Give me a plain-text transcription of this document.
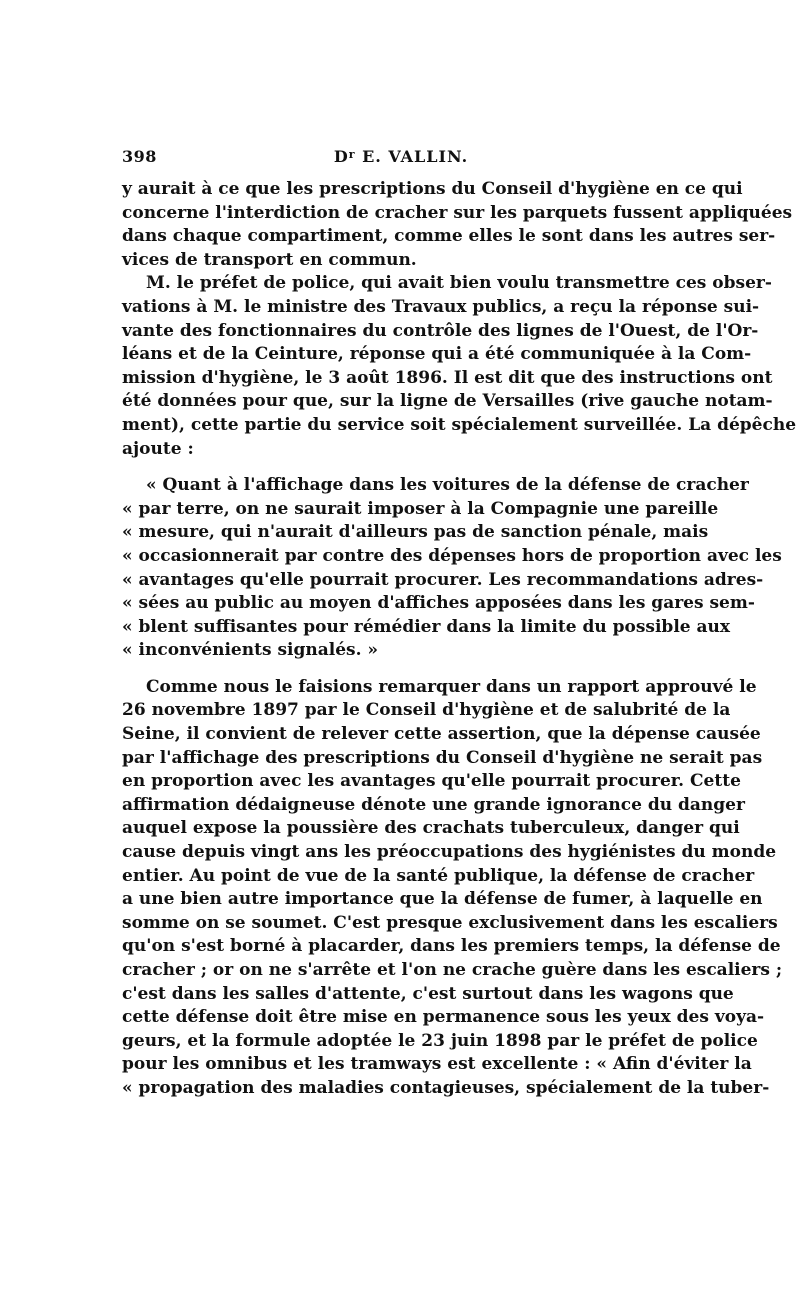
398	$D^r$ E. VALLIN.
y aurait à ce que les prescriptions du Conseil d'hygiène en ce qui
concerne l'interdiction de cracher sur les parquets fussent appliquées
dans chaque compartiment, comme elles le sont dans les autres ser-
vices de transport en commun.
M. le préfet de police, qui avait bien voulu transmettre ces obser-
vations à M. le ministre des Travaux publics, a reçu la réponse sui-
vante des fonctionnaires du contrôle des lignes de l'Ouest, de l'Or-
léans et de la Ceinture, réponse qui a été communiquée à la Com-
mission d'hygiène, le 3 août 1896. Il est dit que des instructions ont
été données pour que, sur la ligne de Versailles (rive gauche notam-
ment), cette partie du service soit spécialement surveillée. La dépêche
ajoute :
« Quant à l'affichage dans les voitures de la défense de cracher
« par terre, on ne saurait imposer à la Compagnie une pareille
« mesure, qui n'aurait d'ailleurs pas de sanction pénale, mais
« occasionnerait par contre des dépenses hors de proportion avec les
« avantages qu'elle pourrait procurer. Les recommandations adres-
« sées au public au moyen d'affiches apposées dans les gares sem-
« blent suffisantes pour rémédier dans la limite du possible aux
« inconvénients signalés. »
Comme nous le faisions remarquer dans un rapport approuvé le
26 novembre 1897 par le Conseil d'hygiène et de salubrité de la
Seine, il convient de relever cette assertion, que la dépense causée
par l'affichage des prescriptions du Conseil d'hygiène ne serait pas
en proportion avec les avantages qu'elle pourrait procurer. Cette
affirmation dédaigneuse dénote une grande ignorance du danger
auquel expose la poussière des crachats tuberculeux, danger qui
cause depuis vingt ans les préoccupations des hygiénistes du monde
entier. Au point de vue de la santé publique, la défense de cracher
a une bien autre importance que la défense de fumer, à laquelle en
somme on se soumet. C'est presque exclusivement dans les escaliers
qu'on s'est borné à placarder, dans les premiers temps, la défense de
cracher ; or on ne s'arrête et l'on ne crache guère dans les escaliers ;
c'est dans les salles d'attente, c'est surtout dans les wagons que
cette défense doit être mise en permanence sous les yeux des voya-
geurs, et la formule adoptée le 23 juin 1898 par le préfet de police
pour les omnibus et les tramways est excellente : « Afin d'éviter la
« propagation des maladies contagieuses, spécialement de la tuber-
